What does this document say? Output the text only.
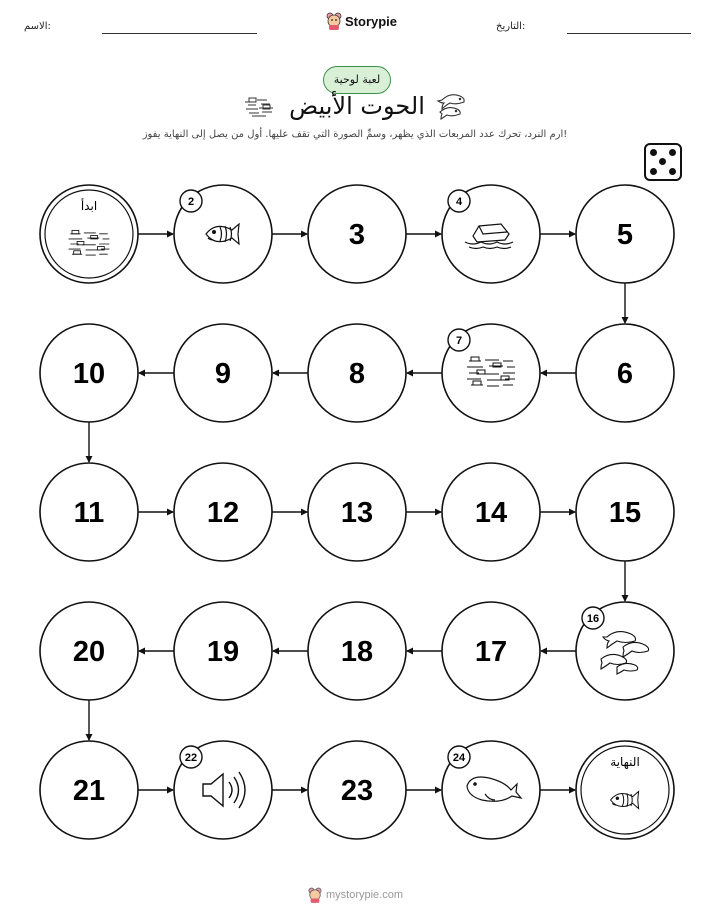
الاسم:	التاريخ:
Storypie
لعبة لوحية
الحوت الأبيض
ارم النرد، تحرك عدد المربعات الذي يظهر، وسمِّ الصورة التي تقف عليها. أول من يصل إلى النهاية يفوز!
ابدأ	2
3
4
5
6
7
8
9
10
11	12	13	14	15
16
17
18
19
20
21
22
23
24	النهاية
mystorypie.com
